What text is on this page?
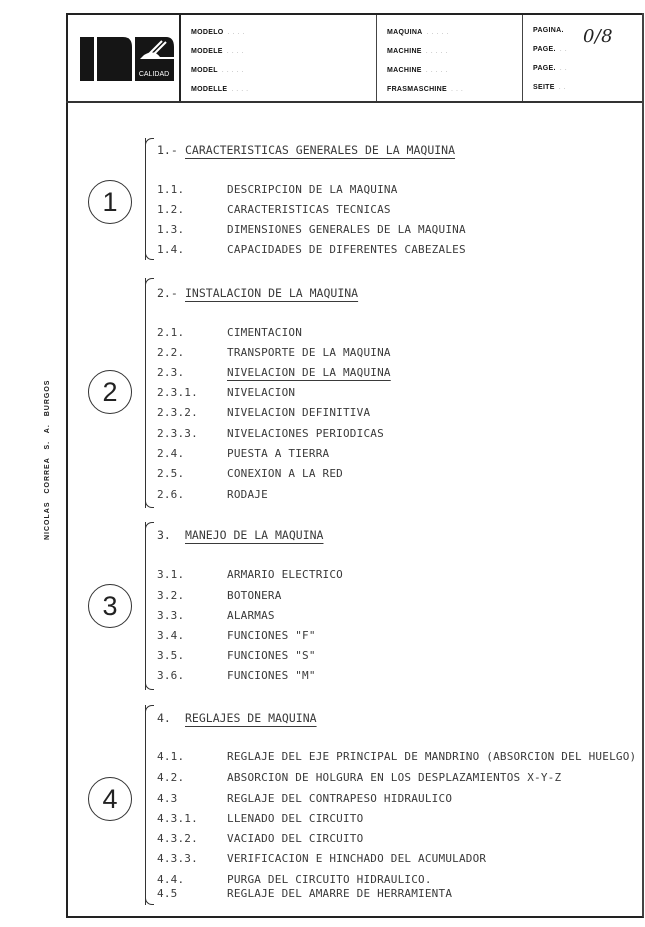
CALIDAD
MODELO ....
MODELE ....
MODEL .....
MODELLE ....
MAQUINA .....
MACHINE .....
MACHINE .....
FRASMASCHINE ...
PAGINA.
PAGE. ..
PAGE. ..
SEITE ..
0/8
NICOLAS CORREA S. A. BURGOS
1
1.- CARACTERISTICAS GENERALES DE LA MAQUINA
1.1.	DESCRIPCION DE LA MAQUINA
1.2.	CARACTERISTICAS TECNICAS
1.3.	DIMENSIONES GENERALES DE LA MAQUINA
1.4.	CAPACIDADES DE DIFERENTES CABEZALES
2
2.- INSTALACION DE LA MAQUINA
2.1.	CIMENTACION
2.2.	TRANSPORTE DE LA MAQUINA
2.3.	NIVELACION DE LA MAQUINA
2.3.1.	NIVELACION
2.3.2.	NIVELACION DEFINITIVA
2.3.3.	NIVELACIONES PERIODICAS
2.4.	PUESTA A TIERRA
2.5.	CONEXION A LA RED
2.6.	RODAJE
3
3. MANEJO DE LA MAQUINA
3.1.	ARMARIO ELECTRICO
3.2.	BOTONERA
3.3.	ALARMAS
3.4.	FUNCIONES "F"
3.5.	FUNCIONES "S"
3.6.	FUNCIONES "M"
4
4. REGLAJES DE MAQUINA
4.1.	REGLAJE DEL EJE PRINCIPAL DE MANDRINO (ABSORCION DEL HUELGO)
4.2.	ABSORCION DE HOLGURA EN LOS DESPLAZAMIENTOS X-Y-Z
4.3	REGLAJE DEL CONTRAPESO HIDRAULICO
4.3.1.	LLENADO DEL CIRCUITO
4.3.2.	VACIADO DEL CIRCUITO
4.3.3.	VERIFICACION E HINCHADO DEL ACUMULADOR
4.4.	PURGA DEL CIRCUITO HIDRAULICO.
4.5	REGLAJE DEL AMARRE DE HERRAMIENTA
